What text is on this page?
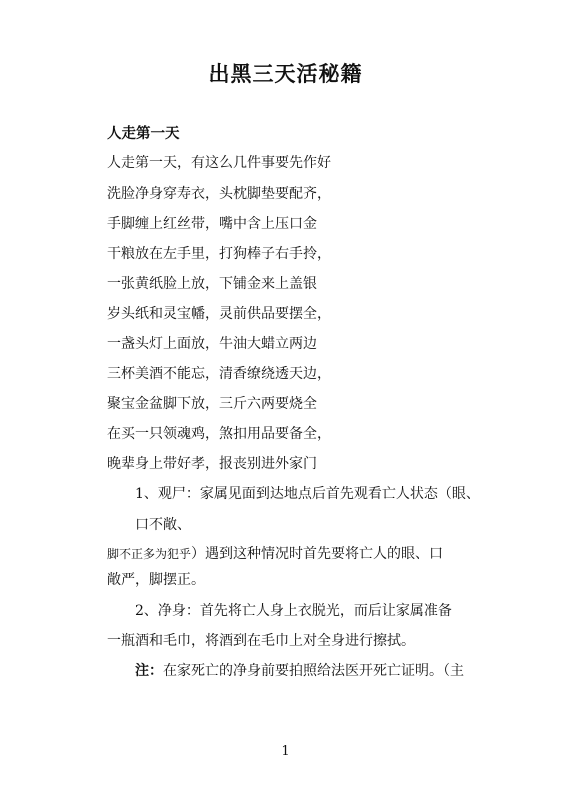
出黑三天活秘籍
人走第一天
人走第一天，有这么几件事要先作好
洗脸净身穿寿衣，头枕脚垫要配齐，
手脚缠上红丝带，嘴中含上压口金
干粮放在左手里，打狗棒子右手拎，
一张黄纸脸上放，下铺金来上盖银
岁头纸和灵宝幡，灵前供品要摆全，
一盏头灯上面放，牛油大蜡立两边
三杯美酒不能忘，清香缭绕透天边，
聚宝金盆脚下放，三斤六两要烧全
在买一只领魂鸡，煞扣用品要备全，
晚辈身上带好孝，报丧别进外家门
1、观尸：家属见面到达地点后首先观看亡人状态（眼、
口不敞、
脚不正多为犯乎）遇到这种情况时首先要将亡人的眼、口
敞严，脚摆正。
2、净身：首先将亡人身上衣脱光，而后让家属准备
一瓶酒和毛巾，将酒到在毛巾上对全身进行擦拭。
注：在家死亡的净身前要拍照给法医开死亡证明。（主
1
